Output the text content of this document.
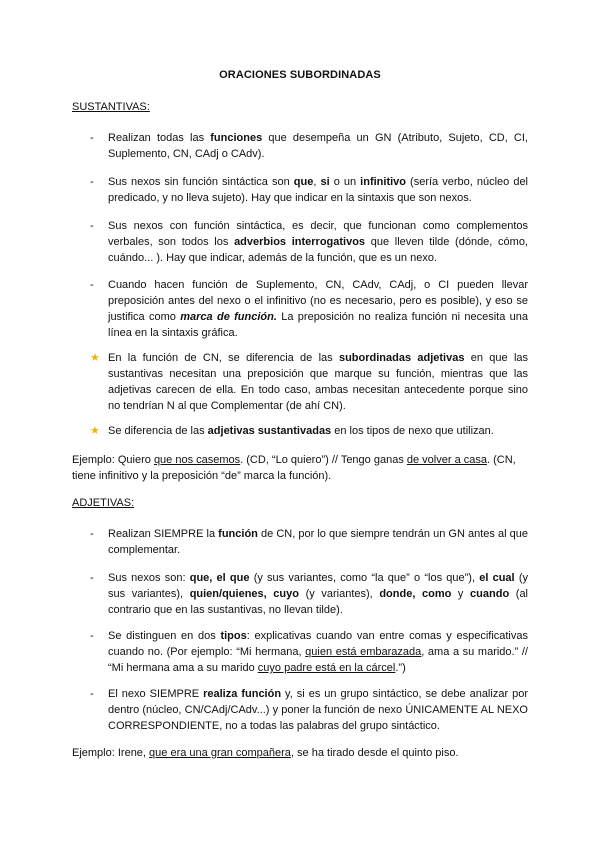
ORACIONES SUBORDINADAS
SUSTANTIVAS:
-	Realizan todas las funciones que desempeña un GN (Atributo, Sujeto, CD, CI, Suplemento, CN, CAdj o CAdv).
-	Sus nexos sin función sintáctica son que, si o un infinitivo (sería verbo, núcleo del predicado, y no lleva sujeto). Hay que indicar en la sintaxis que son nexos.
-	Sus nexos con función sintáctica, es decir, que funcionan como complementos verbales, son todos los adverbios interrogativos que lleven tilde (dónde, cómo, cuándo... ). Hay que indicar, además de la función, que es un nexo.
-	Cuando hacen función de Suplemento, CN, CAdv, CAdj, o CI pueden llevar preposición antes del nexo o el infinitivo (no es necesario, pero es posible), y eso se justifica como marca de función. La preposición no realiza función ni necesita una línea en la sintaxis gráfica.
★ En la función de CN, se diferencia de las subordinadas adjetivas en que las sustantivas necesitan una preposición que marque su función, mientras que las adjetivas carecen de ella. En todo caso, ambas necesitan antecedente porque sino no tendrían N al que Complementar (de ahí CN).
★ Se diferencia de las adjetivas sustantivadas en los tipos de nexo que utilizan.
Ejemplo: Quiero que nos casemos. (CD, “Lo quiero”) // Tengo ganas de volver a casa. (CN, tiene infinitivo y la preposición “de” marca la función).
ADJETIVAS:
-	Realizan SIEMPRE la función de CN, por lo que siempre tendrán un GN antes al que complementar.
-	Sus nexos son: que, el que (y sus variantes, como “la que” o “los que”), el cual (y sus variantes), quien/quienes, cuyo (y variantes), donde, como y cuando (al contrario que en las sustantivas, no llevan tilde).
-	Se distinguen en dos tipos: explicativas cuando van entre comas y especificativas cuando no. (Por ejemplo: “Mi hermana, quien está embarazada, ama a su marido.” // “Mi hermana ama a su marido cuyo padre está en la cárcel.”)
-	El nexo SIEMPRE realiza función y, si es un grupo sintáctico, se debe analizar por dentro (núcleo, CN/CAdj/CAdv...) y poner la función de nexo ÚNICAMENTE AL NEXO CORRESPONDIENTE, no a todas las palabras del grupo sintáctico.
Ejemplo: Irene, que era una gran compañera, se ha tirado desde el quinto piso.
